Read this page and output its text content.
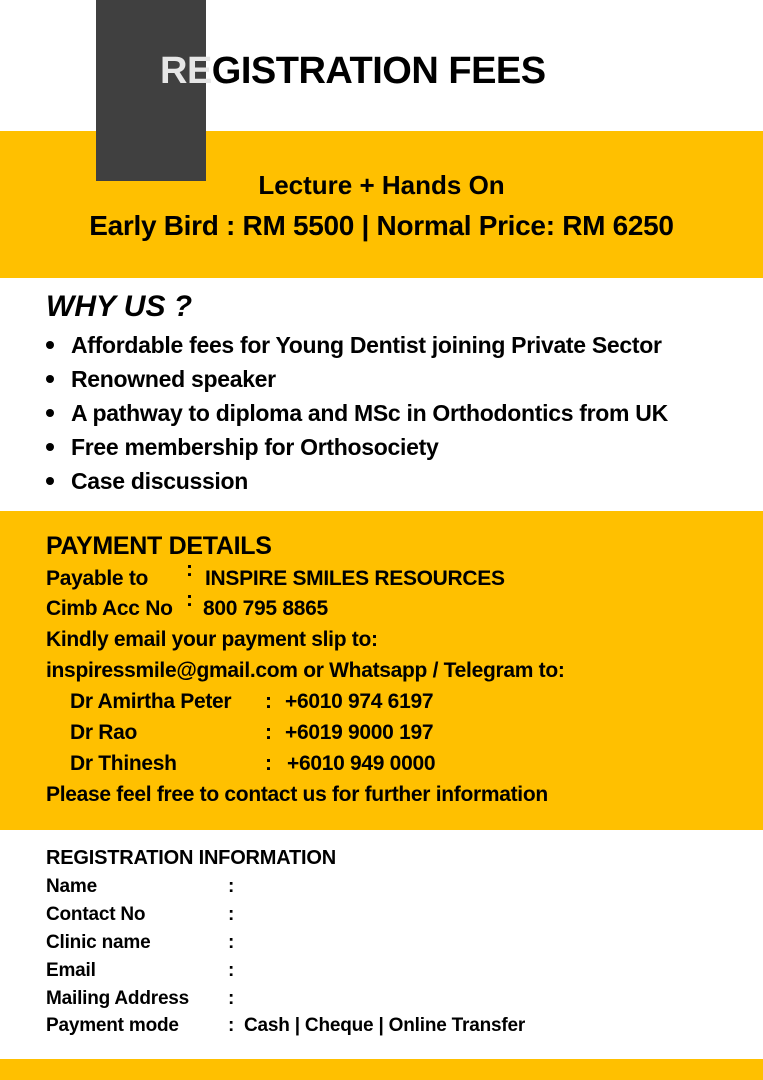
REGISTRATION FEES
Lecture + Hands On
Early Bird : RM 5500 | Normal Price: RM 6250
WHY US ?
Affordable fees for Young Dentist joining Private Sector
Renowned speaker
A pathway to diploma and MSc in Orthodontics from UK
Free membership for Orthosociety
Case discussion
PAYMENT DETAILS
Payable to : INSPIRE SMILES RESOURCES
Cimb Acc No : 800 795 8865
Kindly email your payment slip to:
inspiressmile@gmail.com or Whatsapp / Telegram to:
Dr Amirtha Peter : +6010 974 6197
Dr Rao	: +6019 9000 197
Dr Thinesh	: +6010 949 0000
Please feel free to contact us for further information
REGISTRATION INFORMATION
Name	:
Contact No	:
Clinic name	:
Email	:
Mailing Address :
Payment mode	: Cash | Cheque | Online Transfer
